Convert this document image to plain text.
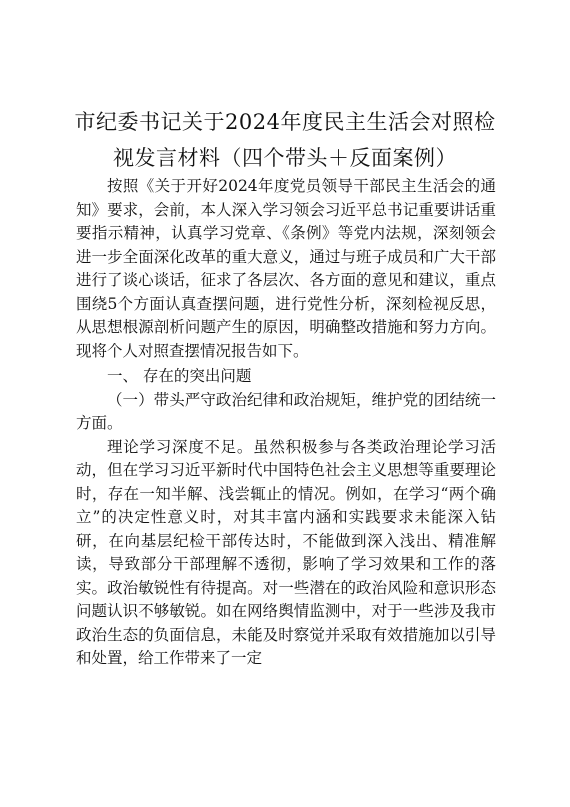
市纪委书记关于2024年度民主生活会对照检
视发言材料（四个带头＋反面案例）

按照《关于开好2024年度党员领导干部民主生活会的通知》要求，会前，本人深入学习领会习近平总书记重要讲话重要指示精神，认真学习党章、《条例》等党内法规，深刻领会进一步全面深化改革的重大意义，通过与班子成员和广大干部进行了谈心谈话，征求了各层次、各方面的意见和建议，重点围绕5个方面认真查摆问题，进行党性分析，深刻检视反思，从思想根源剖析问题产生的原因，明确整改措施和努力方向。现将个人对照查摆情况报告如下。

一、 存在的突出问题

（一）带头严守政治纪律和政治规矩，维护党的团结统一方面。

理论学习深度不足。虽然积极参与各类政治理论学习活动，但在学习习近平新时代中国特色社会主义思想等重要理论时，存在一知半解、浅尝辄止的情况。例如，在学习“两个确立”的决定性意义时，对其丰富内涵和实践要求未能深入钻研，在向基层纪检干部传达时，不能做到深入浅出、精准解读，导致部分干部理解不透彻，影响了学习效果和工作的落实。政治敏锐性有待提高。对一些潜在的政治风险和意识形态问题认识不够敏锐。如在网络舆情监测中，对于一些涉及我市政治生态的负面信息，未能及时察觉并采取有效措施加以引导和处置，给工作带来了一定
